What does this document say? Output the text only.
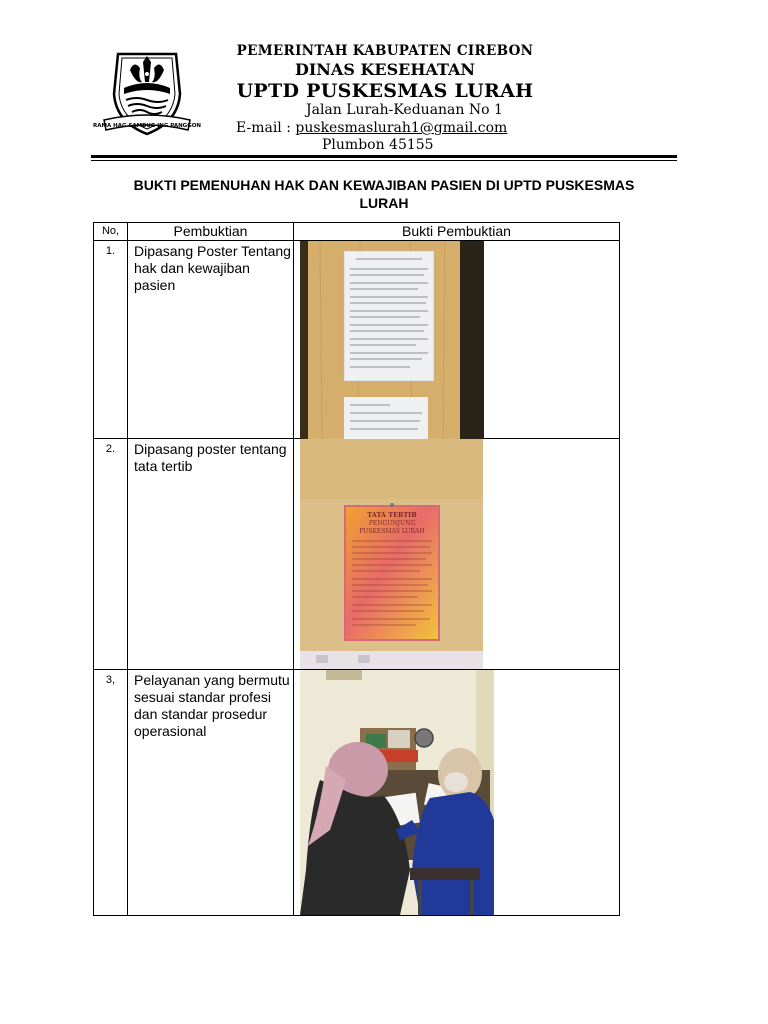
RAMA HAG SAMBUG ING PANGGON
PEMERINTAH KABUPATEN CIREBON
DINAS KESEHATAN
UPTD PUSKESMAS LURAH
Jalan Lurah-Keduanan No 1
E-mail : puskesmaslurah1@gmail.com
Plumbon 45155
BUKTI PEMENUHAN HAK DAN KEWAJIBAN PASIEN DI UPTD PUSKESMAS
LURAH
No,	Pembuktian	Bukti Pembuktian
1.	Dipasang Poster Tentang hak dan kewajiban pasien	

2.	Dipasang poster tentang tata tertib	TATA TERTIB
PENGUNJUNG
PUSKESMAS LURAH

3,	Pelayanan yang bermutu sesuai standar profesi dan standar prosedur operasional	
